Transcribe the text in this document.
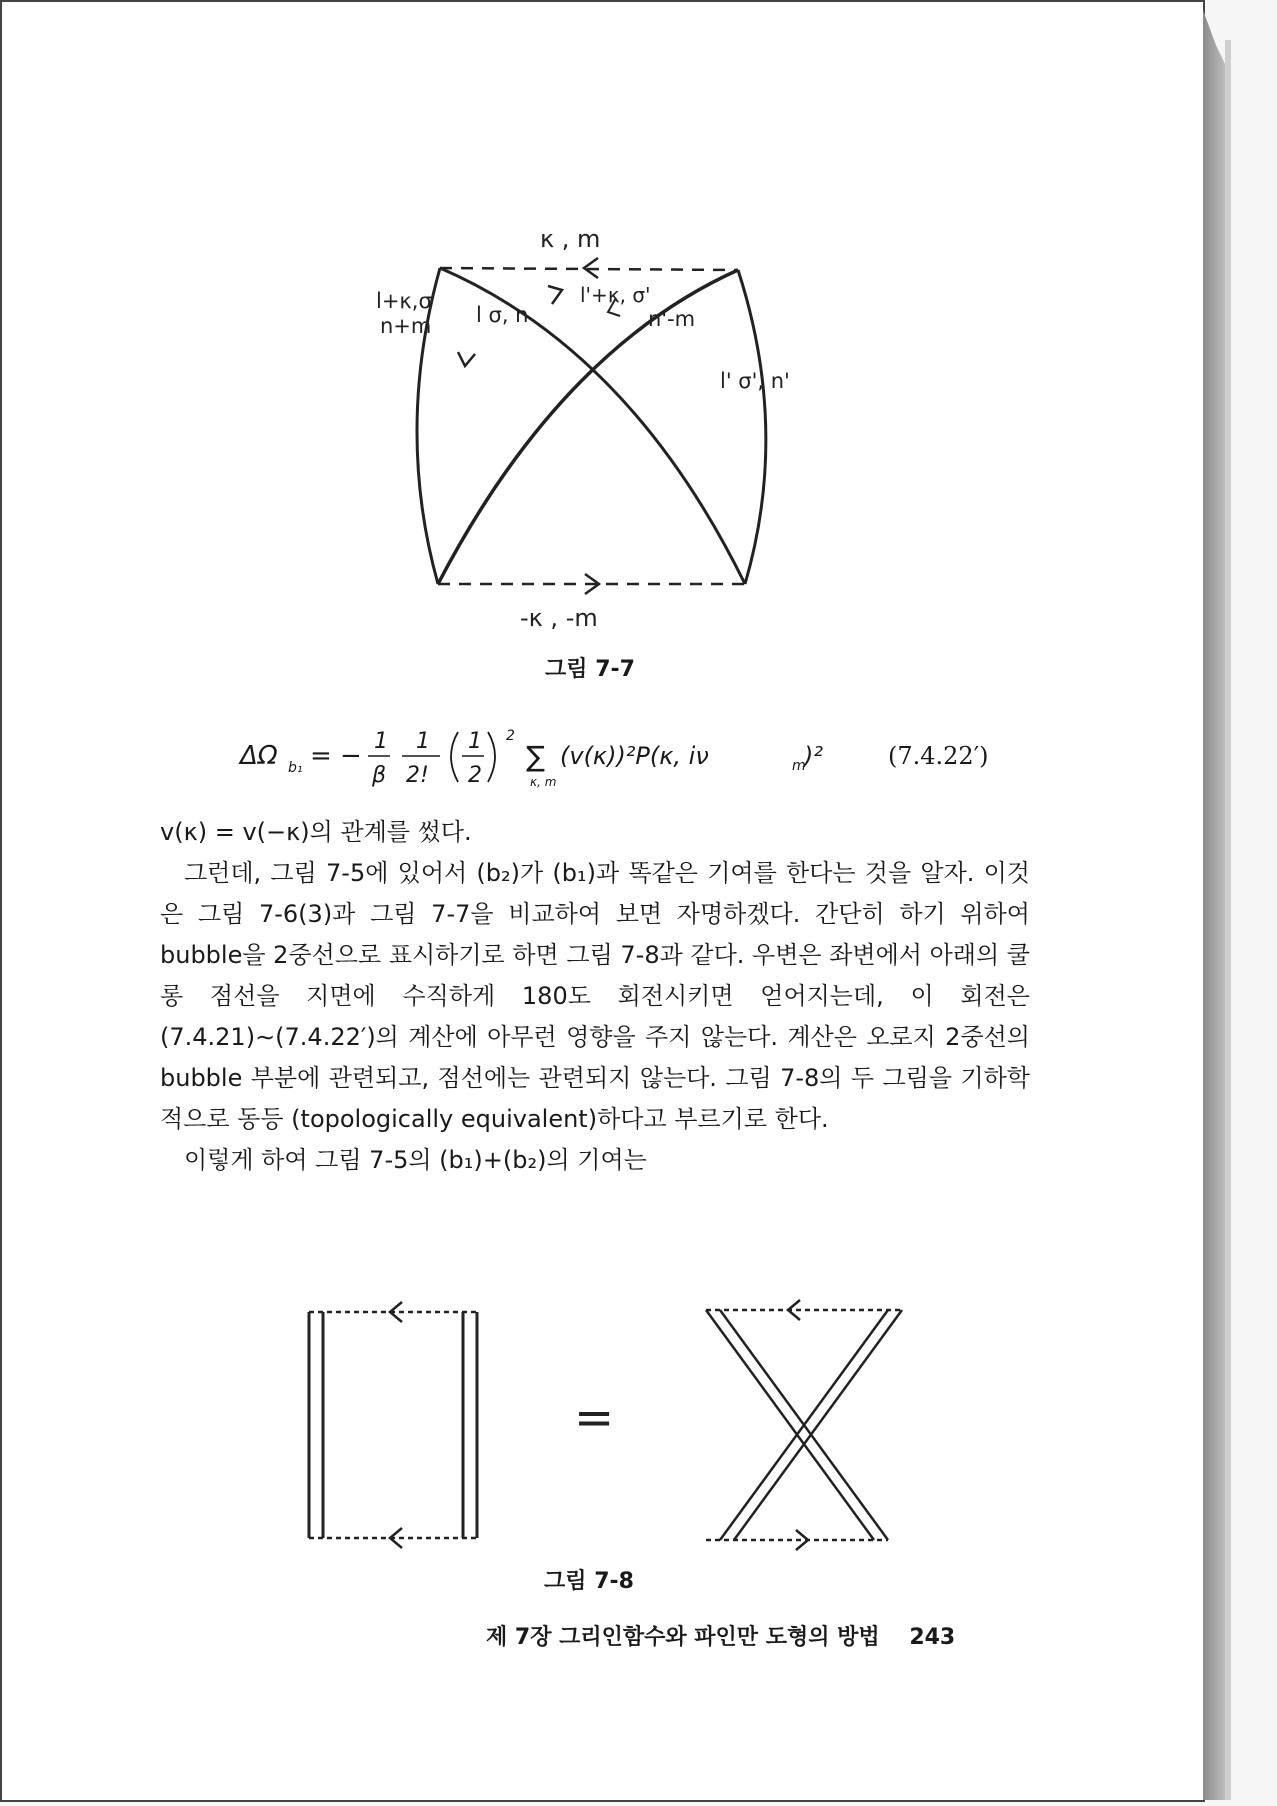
κ , m
l+κ,σ
n+m l σ, n
l'+κ, σ'
n'-m
l' σ', n'
-κ , -m

그림 7-7

ΔΩ b₁ = − 1
β
1
2!
1
2
2
∑
κ, m
(v(κ))²P(κ, iν	m
)²	(7.4.22′)

v(κ) = v(−κ)의 관계를 썼다.

그런데, 그림 7-5에 있어서 (b₂)가 (b₁)과 똑같은 기여를 한다는 것을 알자. 이것은 그림 7-6(3)과 그림 7-7을 비교하여 보면 자명하겠다. 간단히 하기 위하여 bubble을 2중선으로 표시하기로 하면 그림 7-8과 같다. 우변은 좌변에서 아래의 쿨롱 점선을 지면에 수직하게 180도 회전시키면 얻어지는데, 이 회전은 (7.4.21)∼(7.4.22′)의 계산에 아무런 영향을 주지 않는다. 계산은 오로지 2중선의 bubble 부분에 관련되고, 점선에는 관련되지 않는다. 그림 7-8의 두 그림을 기하학적으로 동등 (topologically equivalent)하다고 부르기로 한다.

이렇게 하여 그림 7-5의 (b₁)+(b₂)의 기여는

=

그림 7-8

제 7장 그리인함수와 파인만 도형의 방법 243
